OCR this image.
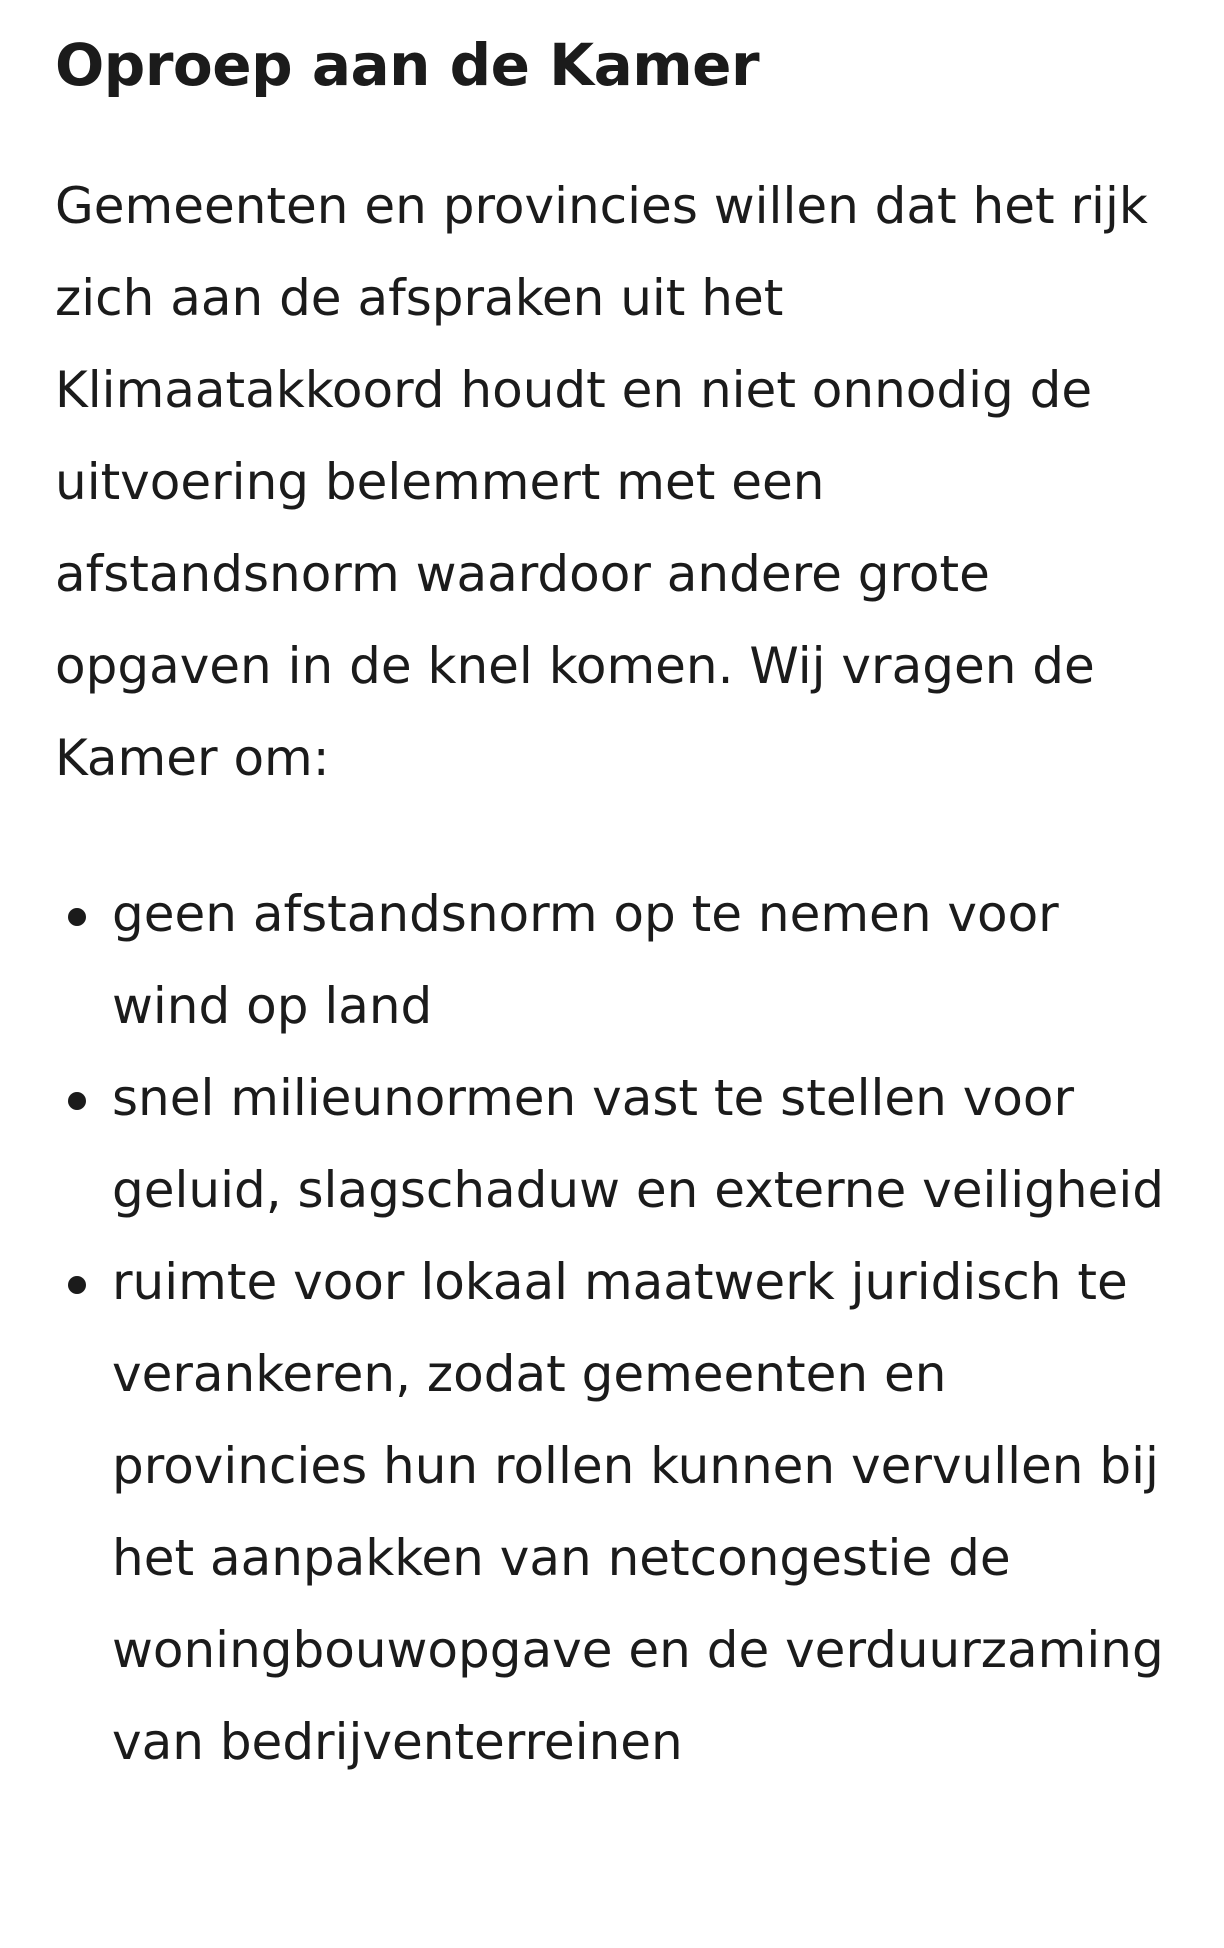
Oproep aan de Kamer

Gemeenten en provincies willen dat het rijk zich aan de afspraken uit het Klimaatakkoord houdt en niet onnodig de uitvoering belemmert met een afstandsnorm waardoor andere grote opgaven in de knel komen. Wij vragen de Kamer om:

geen afstandsnorm op te nemen voor wind op land
snel milieunormen vast te stellen voor geluid, slagschaduw en externe veiligheid
ruimte voor lokaal maatwerk juridisch te verankeren, zodat gemeenten en provincies hun rollen kunnen vervullen bij het aanpakken van netcongestie de woningbouwopgave en de verduurzaming van bedrijventerreinen
